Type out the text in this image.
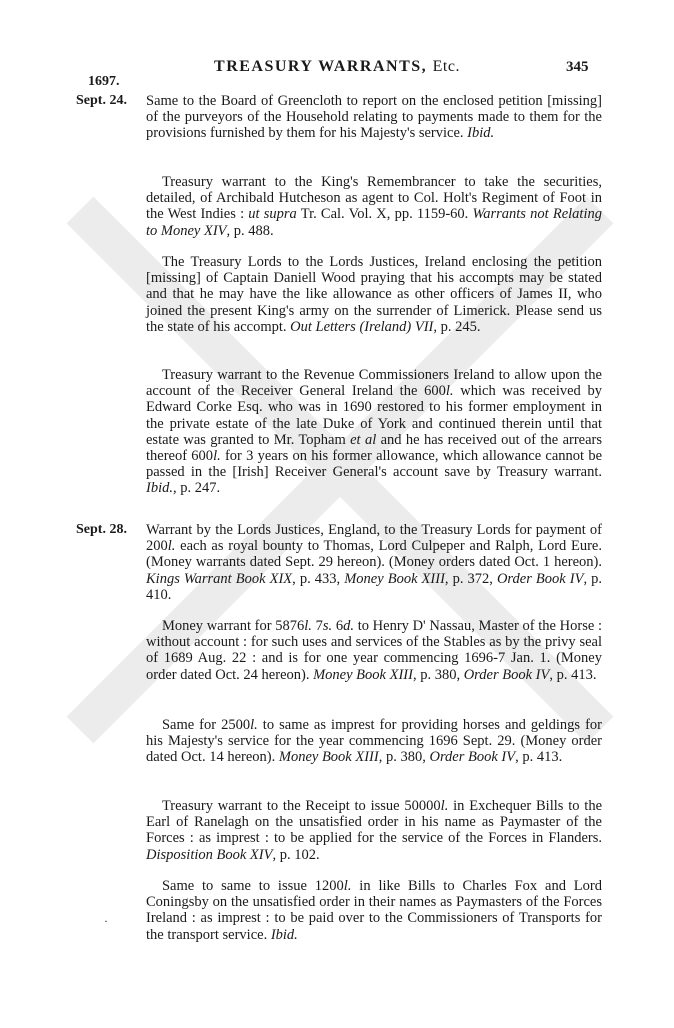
TREASURY WARRANTS, Etc.	345
1697.
Sept. 24.
Sept. 28.

Same to the Board of Greencloth to report on the enclosed petition [missing] of the purveyors of the Household relating to payments made to them for the provisions furnished by them for his Majesty's service. Ibid.

Treasury warrant to the King's Remembrancer to take the securities, detailed, of Archibald Hutcheson as agent to Col. Holt's Regiment of Foot in the West Indies : ut supra Tr. Cal. Vol. X, pp. 1159-60. Warrants not Relating to Money XIV, p. 488.

The Treasury Lords to the Lords Justices, Ireland enclosing the petition [missing] of Captain Daniell Wood praying that his accompts may be stated and that he may have the like allowance as other officers of James II, who joined the present King's army on the surrender of Limerick. Please send us the state of his accompt. Out Letters (Ireland) VII, p. 245.

Treasury warrant to the Revenue Commissioners Ireland to allow upon the account of the Receiver General Ireland the 600l. which was received by Edward Corke Esq. who was in 1690 restored to his former employment in the private estate of the late Duke of York and continued therein until that estate was granted to Mr. Topham et al and he has received out of the arrears thereof 600l. for 3 years on his former allowance, which allowance cannot be passed in the [Irish] Receiver General's account save by Treasury warrant. Ibid., p. 247.

Warrant by the Lords Justices, England, to the Treasury Lords for payment of 200l. each as royal bounty to Thomas, Lord Culpeper and Ralph, Lord Eure. (Money warrants dated Sept. 29 hereon). (Money orders dated Oct. 1 hereon). Kings Warrant Book XIX, p. 433, Money Book XIII, p. 372, Order Book IV, p. 410.

Money warrant for 5876l. 7s. 6d. to Henry D' Nassau, Master of the Horse : without account : for such uses and services of the Stables as by the privy seal of 1689 Aug. 22 : and is for one year commencing 1696-7 Jan. 1. (Money order dated Oct. 24 hereon). Money Book XIII, p. 380, Order Book IV, p. 413.

Same for 2500l. to same as imprest for providing horses and geldings for his Majesty's service for the year commencing 1696 Sept. 29. (Money order dated Oct. 14 hereon). Money Book XIII, p. 380, Order Book IV, p. 413.

Treasury warrant to the Receipt to issue 50000l. in Exchequer Bills to the Earl of Ranelagh on the unsatisfied order in his name as Paymaster of the Forces : as imprest : to be applied for the service of the Forces in Flanders. Disposition Book XIV, p. 102.

Same to same to issue 1200l. in like Bills to Charles Fox and Lord Coningsby on the unsatisfied order in their names as Paymasters of the Forces Ireland : as imprest : to be paid over to the Commissioners of Transports for the transport service. Ibid.

·
